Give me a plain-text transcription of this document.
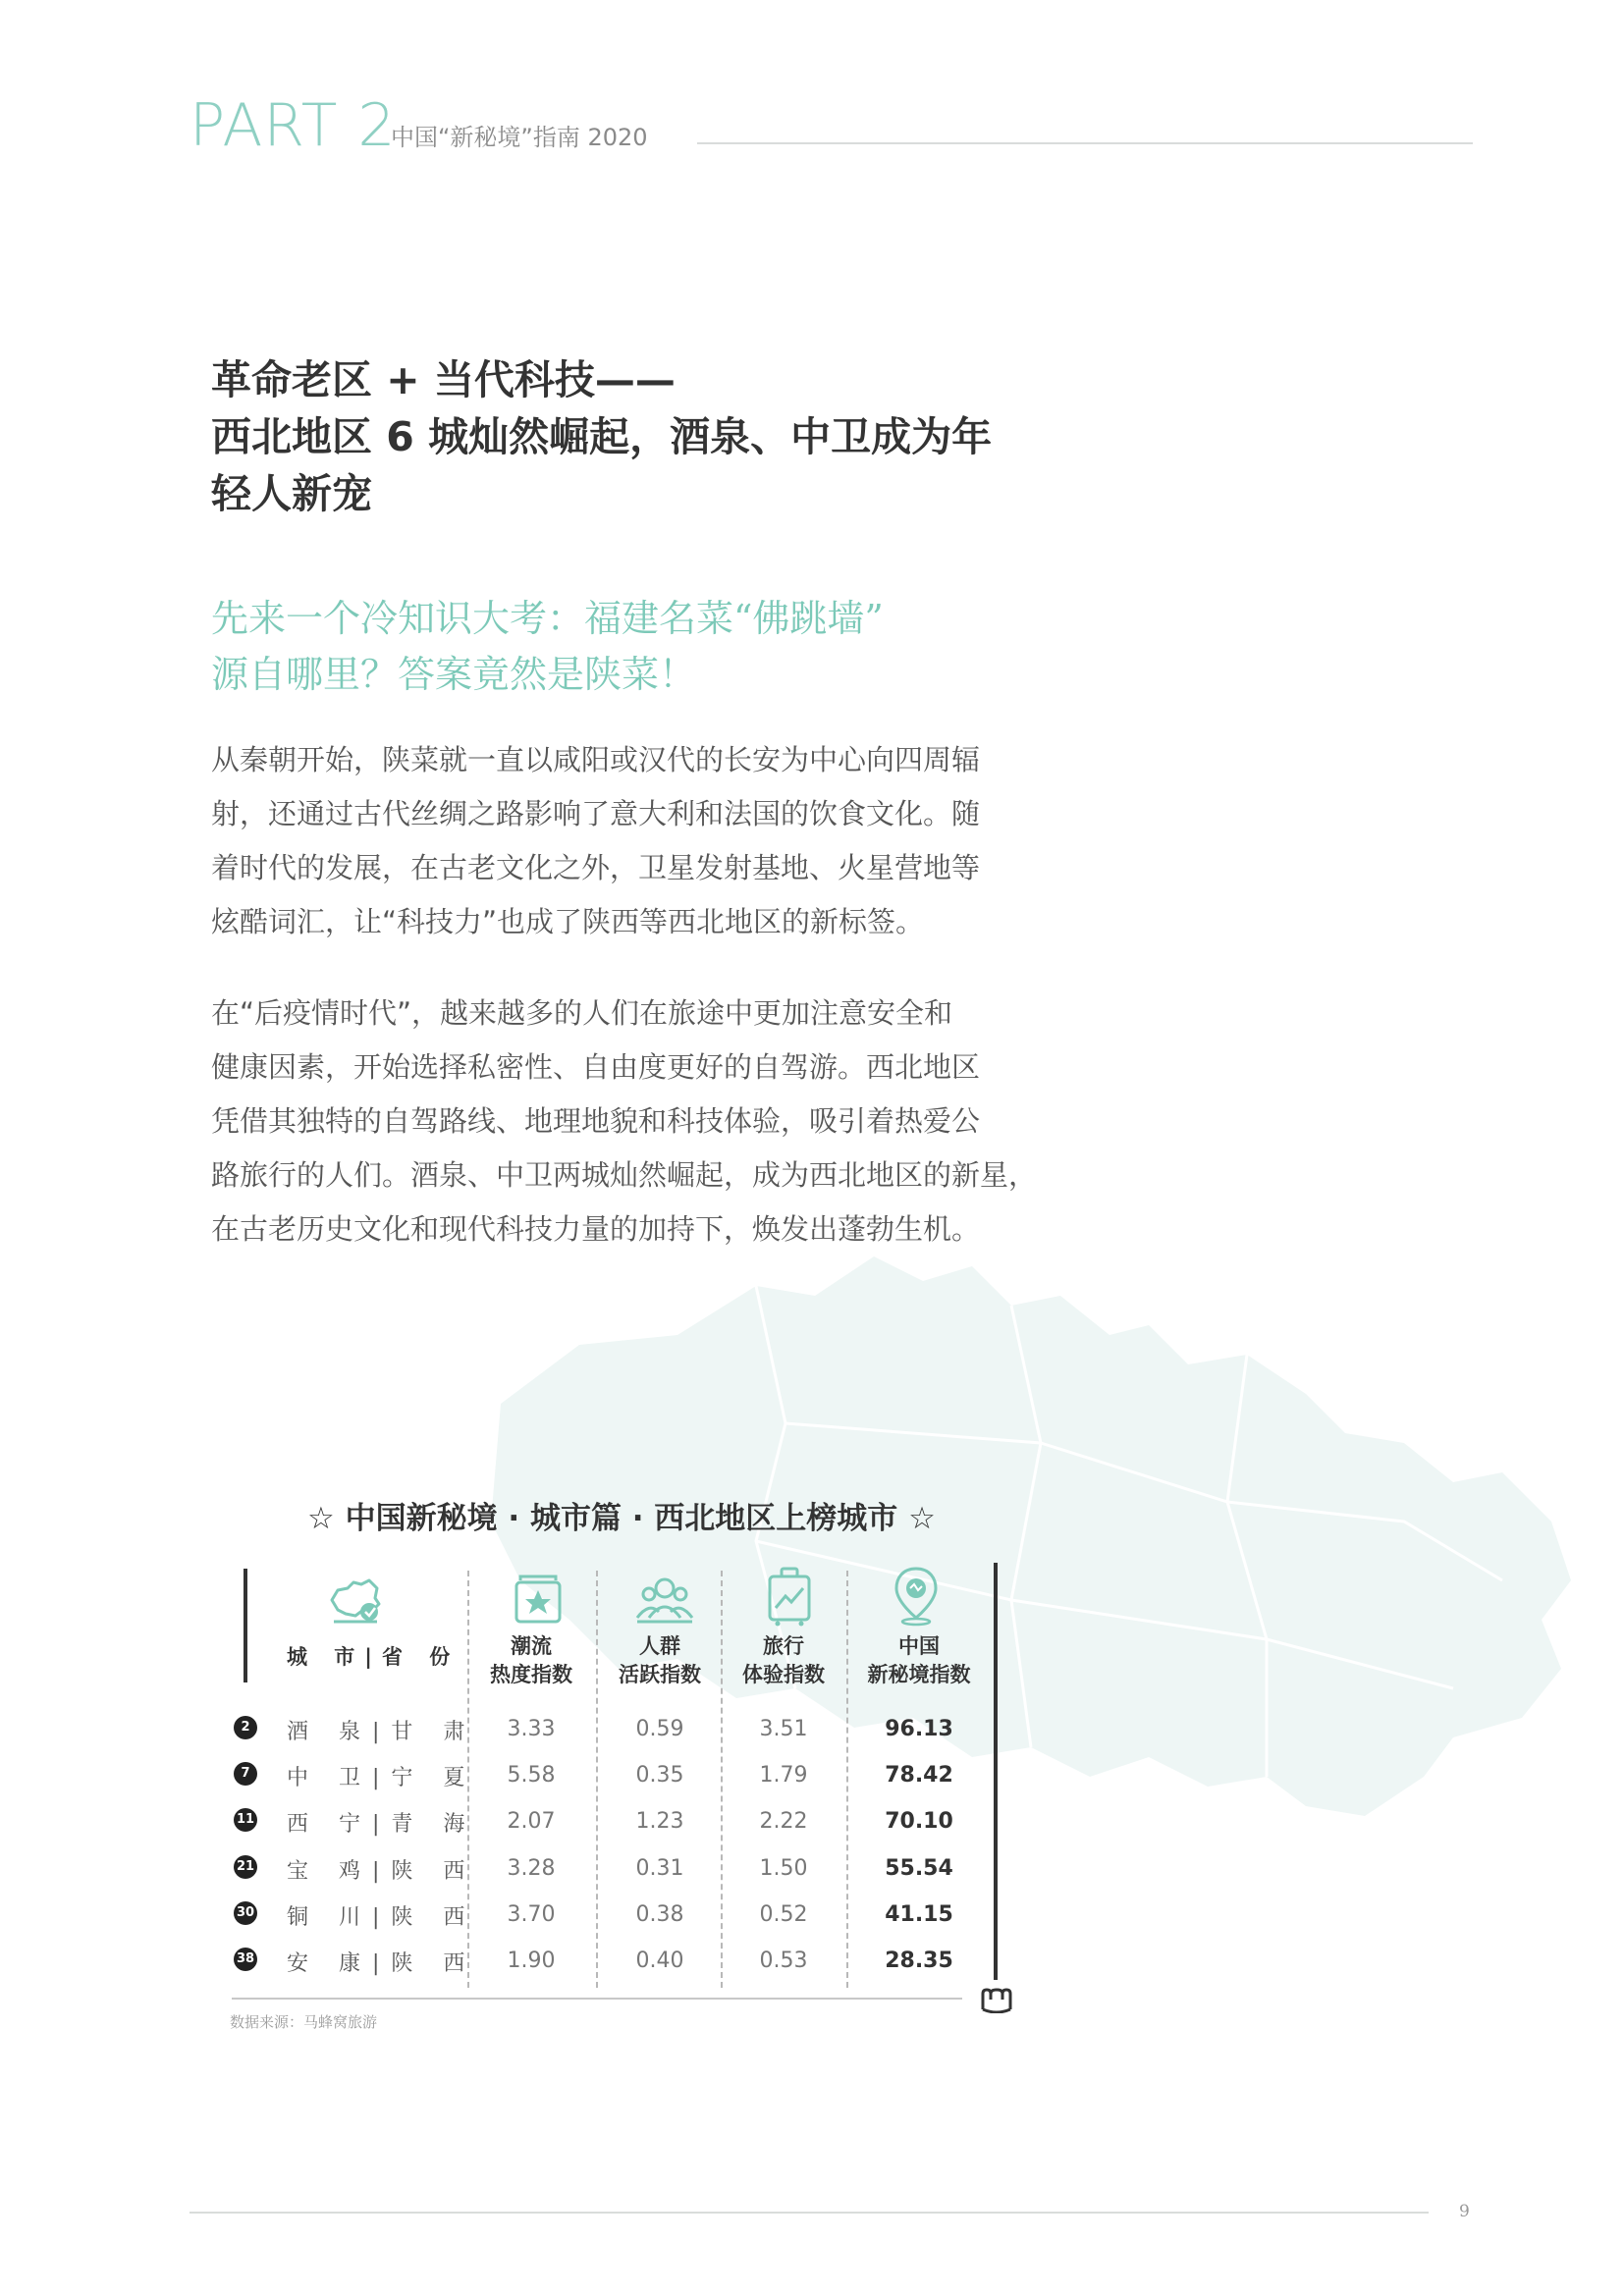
PART 2
中国“新秘境”指南 2020
革命老区 + 当代科技——
西北地区 6 城灿然崛起，酒泉、中卫成为年
轻人新宠
先来一个冷知识大考：福建名菜“佛跳墙”
源自哪里？答案竟然是陕菜！
从秦朝开始，陕菜就一直以咸阳或汉代的长安为中心向四周辐
射，还通过古代丝绸之路影响了意大利和法国的饮食文化。随
着时代的发展，在古老文化之外，卫星发射基地、火星营地等
炫酷词汇，让“科技力”也成了陕西等西北地区的新标签。
在“后疫情时代”，越来越多的人们在旅途中更加注意安全和
健康因素，开始选择私密性、自由度更好的自驾游。西北地区
凭借其独特的自驾路线、地理地貌和科技体验，吸引着热爱公
路旅行的人们。酒泉、中卫两城灿然崛起，成为西北地区的新星，
在古老历史文化和现代科技力量的加持下，焕发出蓬勃生机。
☆ 中国新秘境 · 城市篇 · 西北地区上榜城市 ☆
城 市|省 份	潮流
热度指数
人群
活跃指数
旅行
体验指数
中国
新秘境指数
2	酒 泉|甘 肃	3.33	0.59	3.51	96.13
7	中 卫|宁 夏	5.58	0.35	1.79	78.42
11 西 宁|青 海	2.07	1.23	2.22	70.10
21 宝 鸡|陕 西	3.28	0.31	1.50	55.54
30 铜 川|陕 西	3.70	0.38	0.52	41.15
38 安 康|陕 西	1.90	0.40	0.53	28.35
数据来源：马蜂窝旅游
9
